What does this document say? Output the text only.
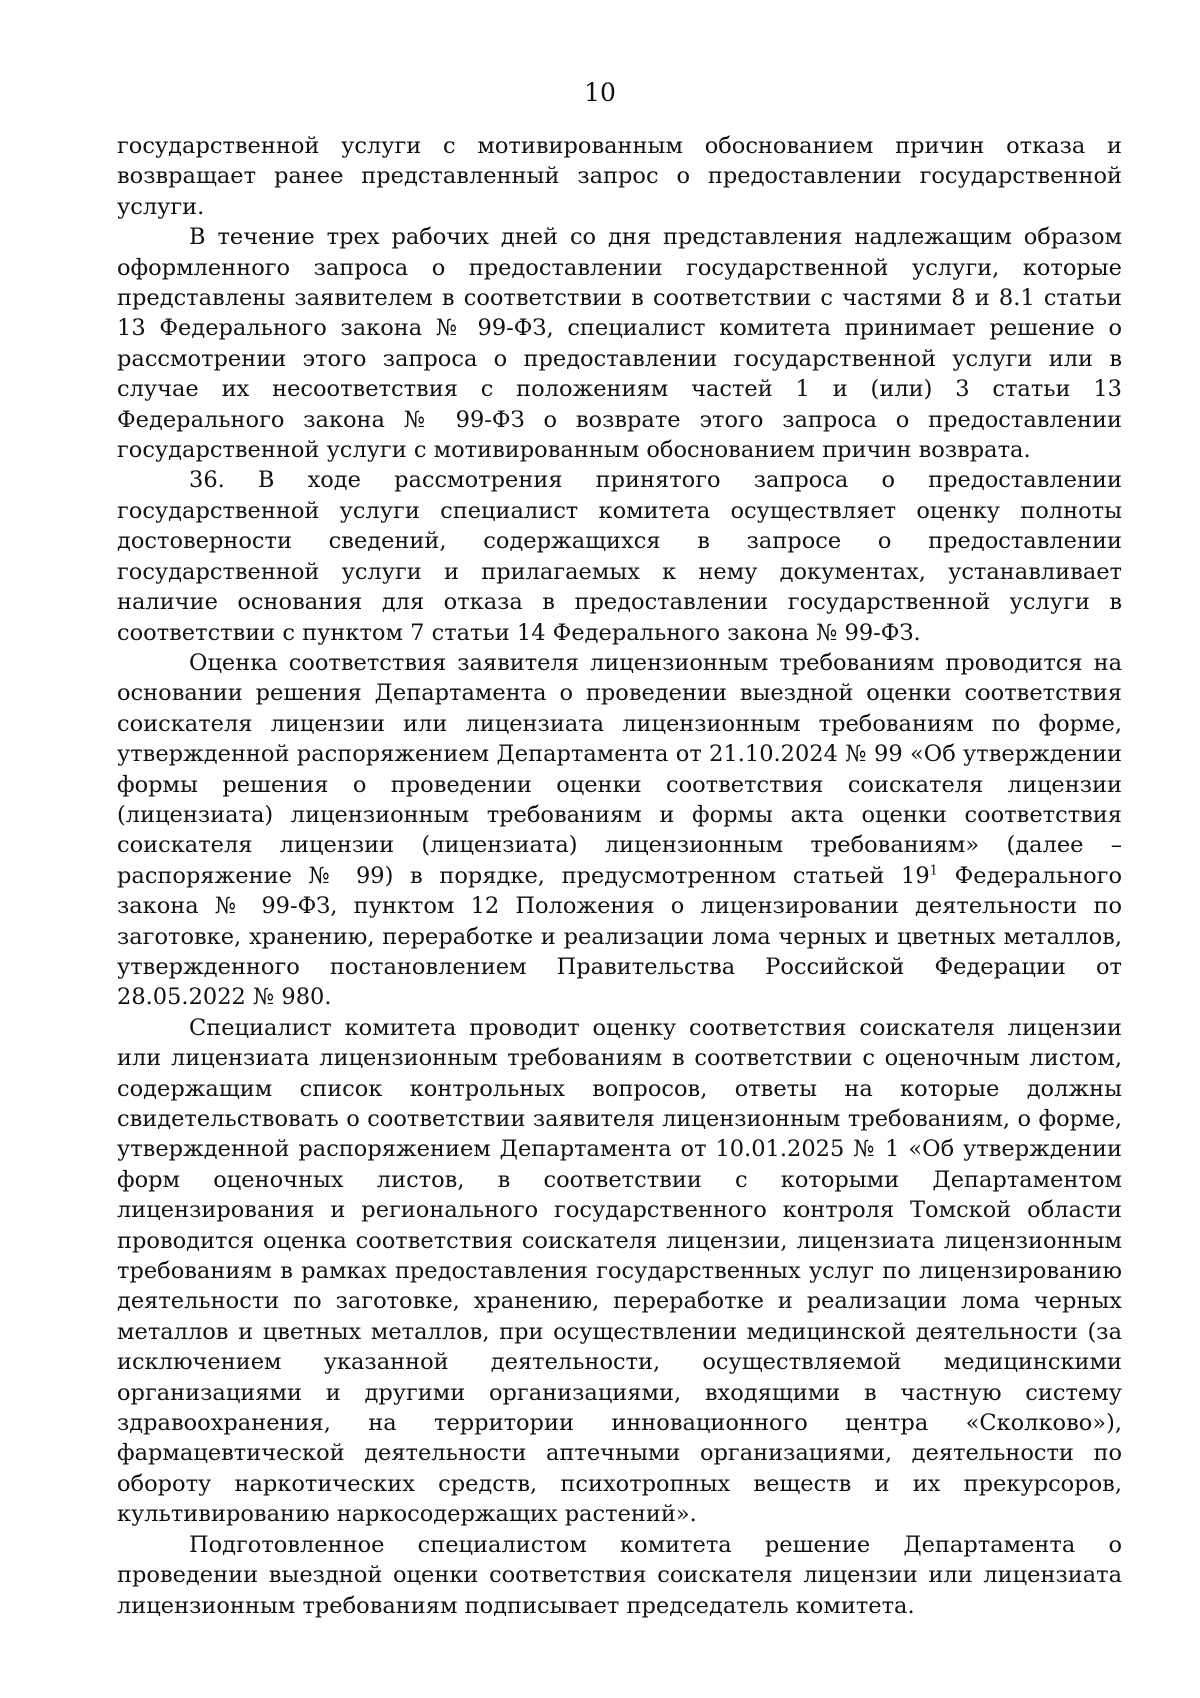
10

государственной услуги с мотивированным обоснованием причин отказа и возвращает ранее представленный запрос о предоставлении государственной услуги.

В течение трех рабочих дней со дня представления надлежащим образом оформленного запроса о предоставлении государственной услуги, которые представлены заявителем в соответствии в соответствии с частями 8 и 8.1 статьи 13 Федерального закона № 99-ФЗ, специалист комитета принимает решение о рассмотрении этого запроса о предоставлении государственной услуги или в случае их несоответствия с положениям частей 1 и (или) 3 статьи 13 Федерального закона № 99-ФЗ о возврате этого запроса о предоставлении государственной услуги с мотивированным обоснованием причин возврата.

36. В ходе рассмотрения принятого запроса о предоставлении государственной услуги специалист комитета осуществляет оценку полноты достоверности сведений, содержащихся в запросе о предоставлении государственной услуги и прилагаемых к нему документах, устанавливает наличие основания для отказа в предоставлении государственной услуги в соответствии с пунктом 7 статьи 14 Федерального закона № 99-ФЗ.

Оценка соответствия заявителя лицензионным требованиям проводится на основании решения Департамента о проведении выездной оценки соответствия соискателя лицензии или лицензиата лицензионным требованиям по форме, утвержденной распоряжением Департамента от 21.10.2024 № 99 «Об утверждении формы решения о проведении оценки соответствия соискателя лицензии (лицензиата) лицензионным требованиям и формы акта оценки соответствия соискателя лицензии (лицензиата) лицензионным требованиям» (далее – распоряжение № 99) в порядке, предусмотренном статьей $19^1$ Федерального закона № 99-ФЗ, пунктом 12 Положения о лицензировании деятельности по заготовке, хранению, переработке и реализации лома черных и цветных металлов, утвержденного постановлением Правительства Российской Федерации от 28.05.2022 № 980.

Специалист комитета проводит оценку соответствия соискателя лицензии или лицензиата лицензионным требованиям в соответствии с оценочным листом, содержащим список контрольных вопросов, ответы на которые должны свидетельствовать о соответствии заявителя лицензионным требованиям, о форме, утвержденной распоряжением Департамента от 10.01.2025 № 1 «Об утверждении форм оценочных листов, в соответствии с которыми Департаментом лицензирования и регионального государственного контроля Томской области проводится оценка соответствия соискателя лицензии, лицензиата лицензионным требованиям в рамках предоставления государственных услуг по лицензированию деятельности по заготовке, хранению, переработке и реализации лома черных металлов и цветных металлов, при осуществлении медицинской деятельности (за исключением указанной деятельности, осуществляемой медицинскими организациями и другими организациями, входящими в частную систему здравоохранения, на территории инновационного центра «Сколково»), фармацевтической деятельности аптечными организациями, деятельности по обороту наркотических средств, психотропных веществ и их прекурсоров, культивированию наркосодержащих растений».

Подготовленное специалистом комитета решение Департамента о проведении выездной оценки соответствия соискателя лицензии или лицензиата лицензионным требованиям подписывает председатель комитета.
